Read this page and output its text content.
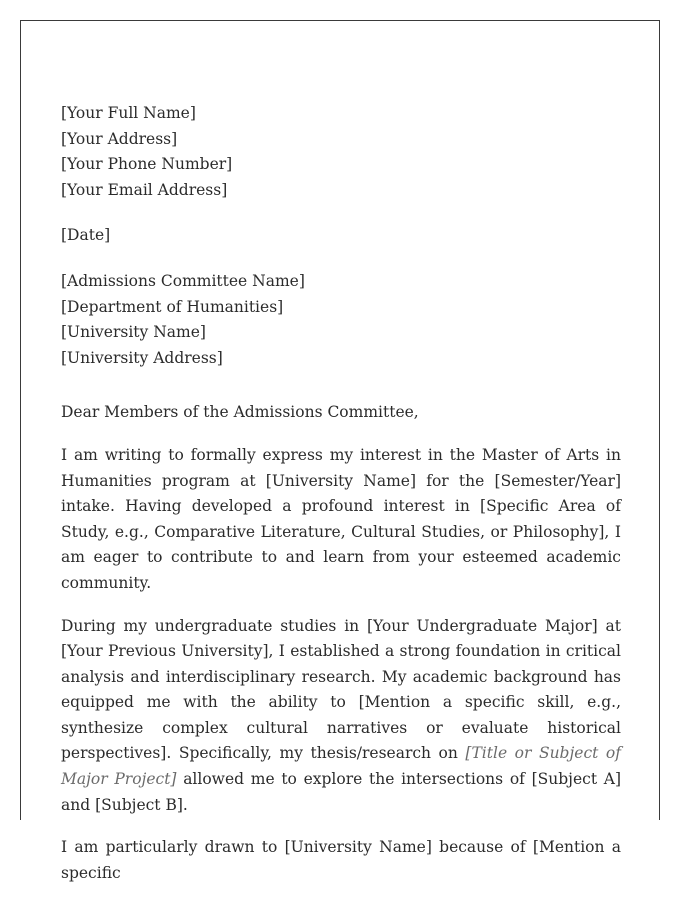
[Your Full Name]
[Your Address]
[Your Phone Number]
[Your Email Address]
[Date]
[Admissions Committee Name]
[Department of Humanities]
[University Name]
[University Address]

Dear Members of the Admissions Committee,

I am writing to formally express my interest in the Master of Arts in Humanities program at [University Name] for the [Semester/Year] intake. Having developed a profound interest in [Specific Area of Study, e.g., Comparative Literature, Cultural Studies, or Philosophy], I am eager to contribute to and learn from your esteemed academic community.

During my undergraduate studies in [Your Undergraduate Major] at [Your Previous University], I established a strong foundation in critical analysis and interdisciplinary research. My academic background has equipped me with the ability to [Mention a specific skill, e.g., synthesize complex cultural narratives or evaluate historical perspectives]. Specifically, my thesis/research on [Title or Subject of Major Project] allowed me to explore the intersections of [Subject A] and [Subject B].

I am particularly drawn to [University Name] because of [Mention a specific
